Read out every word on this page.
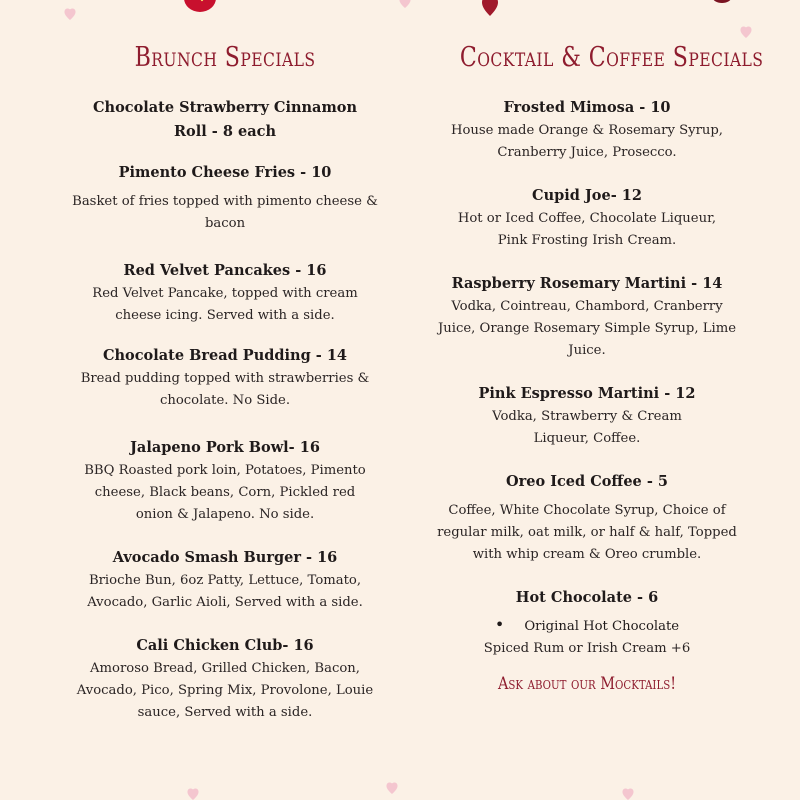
Brunch Specials
Chocolate Strawberry Cinnamon Roll - 8 each
Pimento Cheese Fries - 10
Basket of fries topped with pimento cheese & bacon
Red Velvet Pancakes - 16
Red Velvet Pancake, topped with cream cheese icing. Served with a side.
Chocolate Bread Pudding - 14
Bread pudding topped with strawberries & chocolate. No Side.
Jalapeno Pork Bowl- 16
BBQ Roasted pork loin, Potatoes, Pimento cheese, Black beans, Corn, Pickled red onion & Jalapeno. No side.
Avocado Smash Burger - 16
Brioche Bun, 6oz Patty, Lettuce, Tomato, Avocado, Garlic Aioli, Served with a side.
Cali Chicken Club- 16
Amoroso Bread, Grilled Chicken, Bacon, Avocado, Pico, Spring Mix, Provolone, Louie sauce, Served with a side.
Cocktail & Coffee Specials
Frosted Mimosa - 10
House made Orange & Rosemary Syrup, Cranberry Juice, Prosecco.
Cupid Joe- 12
Hot or Iced Coffee, Chocolate Liqueur, Pink Frosting Irish Cream.
Raspberry Rosemary Martini - 14
Vodka, Cointreau, Chambord, Cranberry Juice, Orange Rosemary Simple Syrup, Lime Juice.
Pink Espresso Martini - 12
Vodka, Strawberry & Cream Liqueur, Coffee.
Oreo Iced Coffee - 5
Coffee, White Chocolate Syrup, Choice of regular milk, oat milk, or half & half, Topped with whip cream & Oreo crumble.
Hot Chocolate - 6
• Original Hot Chocolate
Spiced Rum or Irish Cream +6
Ask about our Mocktails!
